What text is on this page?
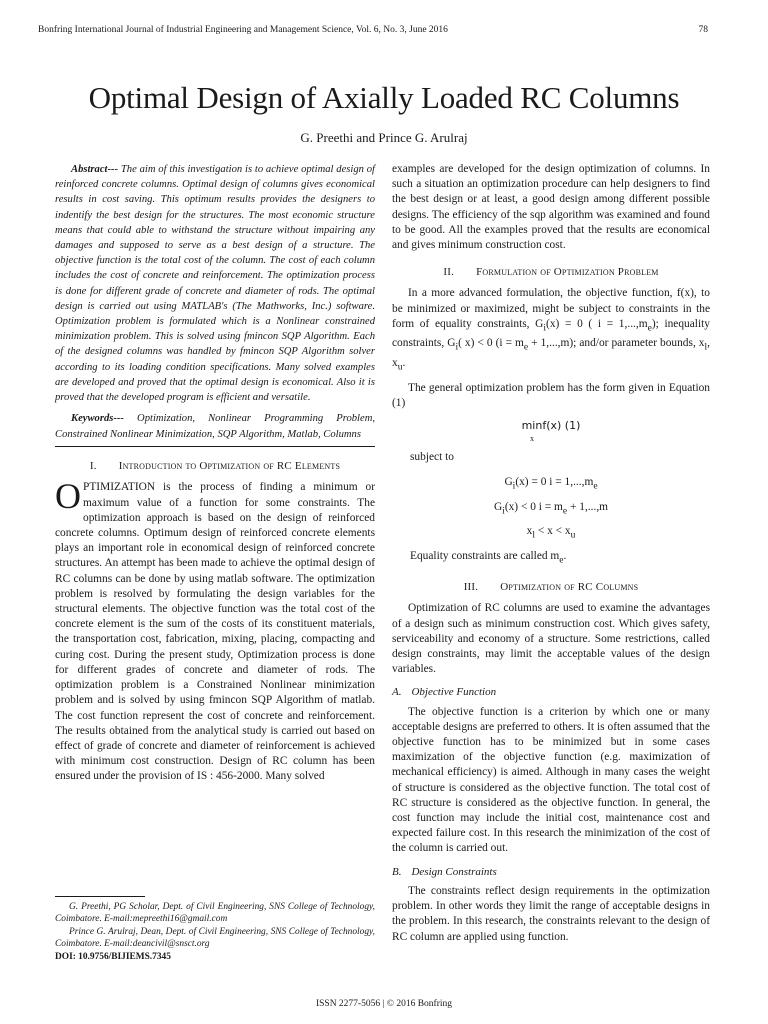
Bonfring International Journal of Industrial Engineering and Management Science, Vol. 6, No. 3, June 2016	78
Optimal Design of Axially Loaded RC Columns
G. Preethi and Prince G. Arulraj

Abstract--- The aim of this investigation is to achieve optimal design of reinforced concrete columns. Optimal design of columns gives economical results in cost saving. This optimum results provides the designers to indentify the best design for the structures. The most economic structure means that could able to withstand the structure without impairing any damages and supposed to serve as a best design of a structure. The objective function is the total cost of the column. The cost of each column includes the cost of concrete and reinforcement. The optimization process is done for different grade of concrete and diameter of rods. The optimal design is carried out using MATLAB's (The Mathworks, Inc.) software. Optimization problem is formulated which is a Nonlinear constrained minimization problem. This is solved using fmincon SQP Algorithm. Each of the designed columns was handled by fmincon SQP Algorithm solver according to its loading condition specifications. Many solved examples are developed and proved that the optimal design is economical. Also it is proved that the developed program is efficient and versatile.

Keywords--- Optimization, Nonlinear Programming Problem, Constrained Nonlinear Minimization, SQP Algorithm, Matlab, Columns

I. Introduction to Optimization of RC Elements

OPTIMIZATION is the process of finding a minimum or maximum value of a function for some constraints. The optimization approach is based on the design of reinforced concrete columns. Optimum design of reinforced concrete elements plays an important role in economical design of reinforced concrete structures. An attempt has been made to achieve the optimal design of RC columns can be done by using matlab software. The optimization problem is resolved by formulating the design variables for the structural elements. The objective function was the total cost of the concrete element is the sum of the costs of its constituent materials, the transportation cost, fabrication, mixing, placing, compacting and curing cost. During the present study, Optimization process is done for different grades of concrete and diameter of rods. The optimization problem is a Constrained Nonlinear minimization problem and is solved by using fmincon SQP Algorithm of matlab. The cost function represent the cost of concrete and reinforcement. The results obtained from the analytical study is carried out based on effect of grade of concrete and diameter of reinforcement is achieved with minimum cost construction. Design of RC column has been ensured under the provision of IS : 456-2000. Many solved

examples are developed for the design optimization of columns. In such a situation an optimization procedure can help designers to find the best design or at least, a good design among different possible designs. The efficiency of the sqp algorithm was examined and found to be good. All the examples proved that the results are economical and gives minimum construction cost.

II. Formulation of Optimization Problem

In a more advanced formulation, the objective function, f(x), to be minimized or maximized, might be subject to constraints in the form of equality constraints, $G_i(x) = 0$ ( $i = 1,...,m_e$); inequality constraints, $G_i$( x) < 0 $(i = m_e + 1,...,m)$; and/or parameter bounds, $x_l$, $x_u$.

The general optimization problem has the form given in Equation (1)

minf(x) (1)
x

subject to

$G_i(x) = 0$ $i = 1,...,m_e$
$G_i(x) < 0$ $i = m_e + 1,...,m$
$x_l < x < x_u$

Equality constraints are called $m_e$.

III. Optimization of RC Columns

Optimization of RC columns are used to examine the advantages of a design such as minimum construction cost. Which gives safety, serviceability and economy of a structure. Some restrictions, called design constraints, may limit the acceptable values of the design variables.

A. Objective Function

The objective function is a criterion by which one or many acceptable designs are preferred to others. It is often assumed that the objective function has to be minimized but in some cases maximization of the objective function (e.g. maximization of mechanical efficiency) is aimed. Although in many cases the weight of structure is considered as the objective function. The total cost of RC structure is considered as the objective function. In general, the cost function may include the initial cost, maintenance cost and expected failure cost. In this research the minimization of the cost of the column is carried out.

B. Design Constraints

The constraints reflect design requirements in the optimization problem. In other words they limit the range of acceptable designs in the problem. In this research, the constraints relevant to the design of RC column are applied using function.

G. Preethi, PG Scholar, Dept. of Civil Engineering, SNS College of Technology, Coimbatore. E-mail:mepreethi16@gmail.com
Prince G. Arulraj, Dean, Dept. of Civil Engineering, SNS College of Technology, Coimbatore. E-mail:deancivil@snsct.org
DOI: 10.9756/BIJIEMS.7345
ISSN 2277-5056 | © 2016 Bonfring
